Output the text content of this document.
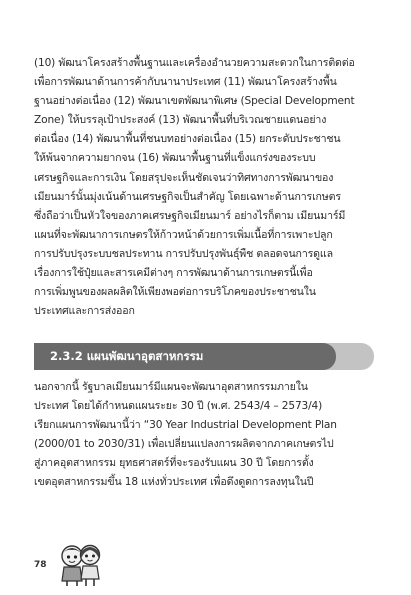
(10) พัฒนาโครงสร้างพื้นฐานและเครื่องอำนวยความสะดวกในการติดต่อ
เพื่อการพัฒนาด้านการค้ากับนานาประเทศ (11) พัฒนาโครงสร้างพื้น
ฐานอย่างต่อเนื่อง (12) พัฒนาเขตพัฒนาพิเศษ (Special Development
Zone) ให้บรรลุเป้าประสงค์ (13) พัฒนาพื้นที่บริเวณชายแดนอย่าง
ต่อเนื่อง (14) พัฒนาพื้นที่ชนบทอย่างต่อเนื่อง (15) ยกระดับประชาชน
ให้พ้นจากความยากจน (16) พัฒนาพื้นฐานที่แข็งแกร่งของระบบ
เศรษฐกิจและการเงิน โดยสรุปจะเห็นชัดเจนว่าทิศทางการพัฒนาของ
เมียนมาร์นั้นมุ่งเน้นด้านเศรษฐกิจเป็นสำคัญ โดยเฉพาะด้านการเกษตร
ซึ่งถือว่าเป็นหัวใจของภาคเศรษฐกิจเมียนมาร์ อย่างไรก็ตาม เมียนมาร์มี
แผนที่จะพัฒนาการเกษตรให้ก้าวหน้าด้วยการเพิ่มเนื้อที่การเพาะปลูก
การปรับปรุงระบบชลประทาน การปรับปรุงพันธุ์พืช ตลอดจนการดูแล
เรื่องการใช้ปุ๋ยและสารเคมีต่างๆ การพัฒนาด้านการเกษตรนี้เพื่อ
การเพิ่มพูนของผลผลิตให้เพียงพอต่อการบริโภคของประชาชนใน
ประเทศและการส่งออก
2.3.2 แผนพัฒนาอุตสาหกรรม
นอกจากนี้ รัฐบาลเมียนมาร์มีแผนจะพัฒนาอุตสาหกรรมภายใน
ประเทศ โดยได้กำหนดแผนระยะ 30 ปี (พ.ศ. 2543/4 – 2573/4)
เรียกแผนการพัฒนานี้ว่า “30 Year Industrial Development Plan
(2000/01 to 2030/31) เพื่อเปลี่ยนแปลงการผลิตจากภาคเกษตรไป
สู่ภาคอุตสาหกรรม ยุทธศาสตร์ที่จะรองรับแผน 30 ปี โดยการตั้ง
เขตอุตสาหกรรมขึ้น 18 แห่งทั่วประเทศ เพื่อดึงดูดการลงทุนในปี
78
